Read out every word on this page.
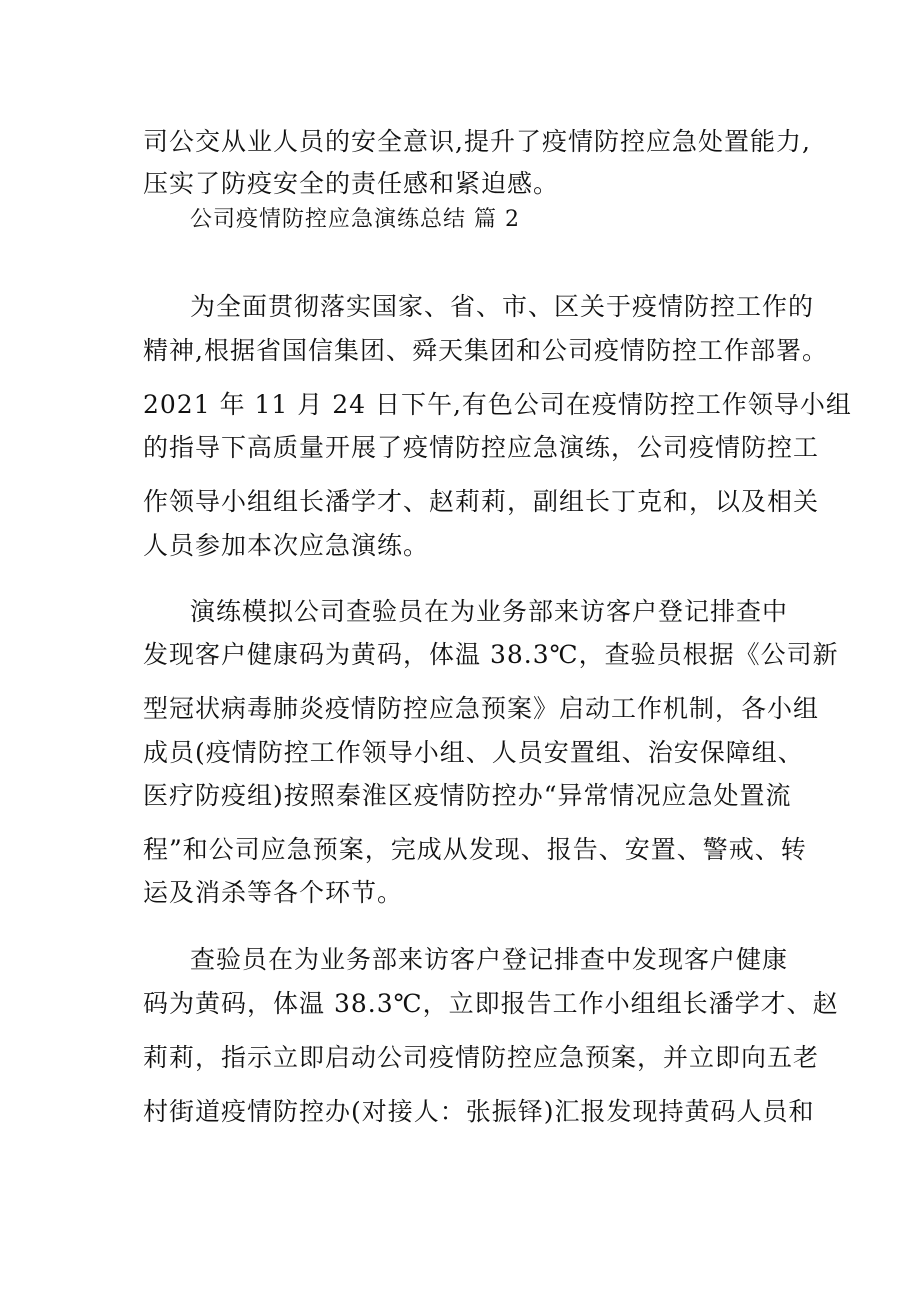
司公交从业人员的安全意识,提升了疫情防控应急处置能力,
压实了防疫安全的责任感和紧迫感。
公司疫情防控应急演练总结 篇 2
为全面贯彻落实国家、省、市、区关于疫情防控工作的
精神,根据省国信集团、舜天集团和公司疫情防控工作部署。
2021 年 11 月 24 日下午,有色公司在疫情防控工作领导小组
的指导下高质量开展了疫情防控应急演练，公司疫情防控工
作领导小组组长潘学才、赵莉莉，副组长丁克和，以及相关
人员参加本次应急演练。
演练模拟公司查验员在为业务部来访客户登记排查中
发现客户健康码为黄码，体温 38.3℃，查验员根据《公司新
型冠状病毒肺炎疫情防控应急预案》启动工作机制，各小组
成员(疫情防控工作领导小组、人员安置组、治安保障组、
医疗防疫组)按照秦淮区疫情防控办“异常情况应急处置流
程”和公司应急预案，完成从发现、报告、安置、警戒、转
运及消杀等各个环节。
查验员在为业务部来访客户登记排查中发现客户健康
码为黄码，体温 38.3℃，立即报告工作小组组长潘学才、赵
莉莉，指示立即启动公司疫情防控应急预案，并立即向五老
村街道疫情防控办(对接人：张振铎)汇报发现持黄码人员和
